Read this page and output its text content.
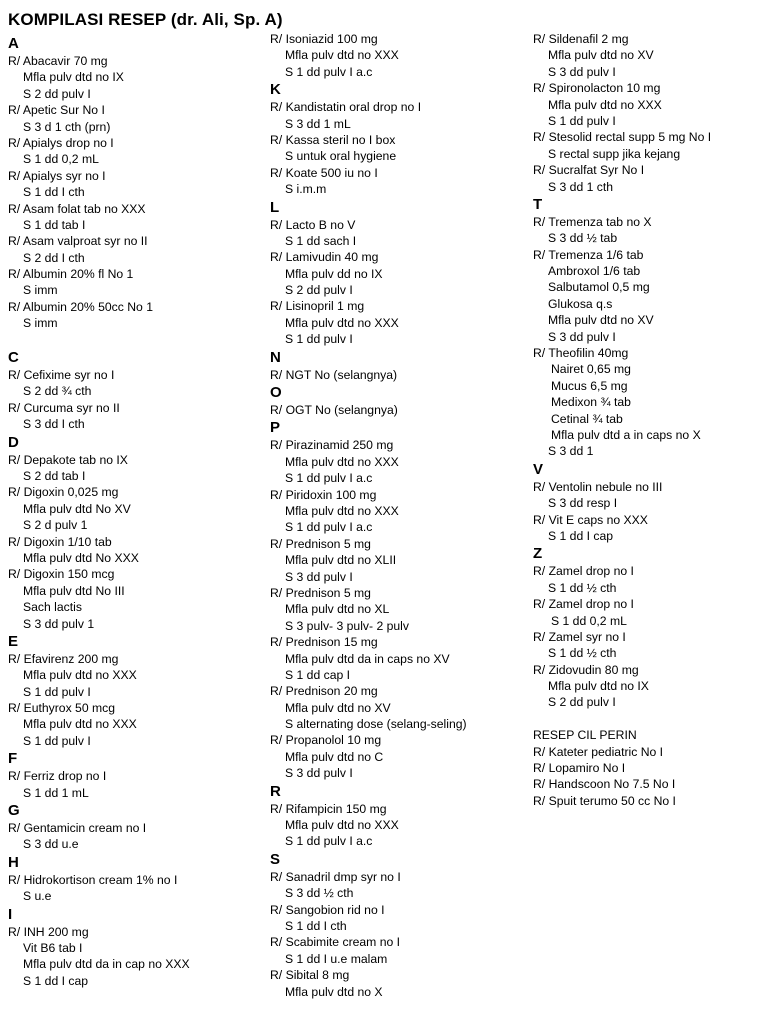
KOMPILASI RESEP (dr. Ali, Sp. A)
A
R/ Abacavir 70 mg
Mfla pulv dtd no IX
S 2 dd pulv I
R/ Apetic Sur No I
S 3 d 1 cth (prn)
R/ Apialys drop no I
S 1 dd 0,2 mL
R/ Apialys syr no I
S 1 dd I cth
R/ Asam folat tab no XXX
S 1 dd tab I
R/ Asam valproat syr no II
S 2 dd I cth
R/ Albumin 20% fl No 1
S imm
R/ Albumin 20% 50cc No 1
S imm
C
R/ Cefixime syr no I
S 2 dd ¾ cth
R/ Curcuma syr no II
S 3 dd I cth
D
R/ Depakote tab no IX
S 2 dd tab I
R/ Digoxin 0,025 mg
Mfla pulv dtd No XV
S 2 d pulv 1
R/ Digoxin 1/10 tab
Mfla pulv dtd No XXX
R/ Digoxin 150 mcg
Mfla pulv dtd No III
Sach lactis
S 3 dd pulv 1
E
R/ Efavirenz 200 mg
Mfla pulv dtd no XXX
S 1 dd pulv I
R/ Euthyrox 50 mcg
Mfla pulv dtd no XXX
S 1 dd pulv I
F
R/ Ferriz drop no I
S 1 dd 1 mL
G
R/ Gentamicin cream no I
S 3 dd u.e
H
R/ Hidrokortison cream 1% no I
S u.e
I
R/ INH 200 mg
Vit B6 tab I
Mfla pulv dtd da in cap no XXX
S 1 dd I cap
R/ Isoniazid 100 mg
Mfla pulv dtd no XXX
S 1 dd pulv I a.c
K
R/ Kandistatin oral drop no I
S 3 dd 1 mL
R/ Kassa steril no I box
S untuk oral hygiene
R/ Koate 500 iu no I
S i.m.m
L
R/ Lacto B no V
S 1 dd sach I
R/ Lamivudin 40 mg
Mfla pulv dd no IX
S 2 dd pulv I
R/ Lisinopril 1 mg
Mfla pulv dtd no XXX
S 1 dd pulv I
N
R/ NGT No (selangnya)
O
R/ OGT No (selangnya)
P
R/ Pirazinamid 250 mg
Mfla pulv dtd no XXX
S 1 dd pulv I a.c
R/ Piridoxin 100 mg
Mfla pulv dtd no XXX
S 1 dd pulv I a.c
R/ Prednison 5 mg
Mfla pulv dtd no XLII
S 3 dd pulv I
R/ Prednison 5 mg
Mfla pulv dtd no XL
S 3 pulv- 3 pulv- 2 pulv
R/ Prednison 15 mg
Mfla pulv dtd da in caps no XV
S 1 dd cap I
R/ Prednison 20 mg
Mfla pulv dtd no XV
S alternating dose (selang-seling)
R/ Propanolol 10 mg
Mfla pulv dtd no C
S 3 dd pulv I
R
R/ Rifampicin 150 mg
Mfla pulv dtd no XXX
S 1 dd pulv I a.c
S
R/ Sanadril dmp syr no I
S 3 dd ½ cth
R/ Sangobion rid no I
S 1 dd I cth
R/ Scabimite cream no I
S 1 dd I u.e malam
R/ Sibital 8 mg
Mfla pulv dtd no X
R/ Sildenafil 2 mg
Mfla pulv dtd no XV
S 3 dd pulv I
R/ Spironolacton 10 mg
Mfla pulv dtd no XXX
S 1 dd pulv I
R/ Stesolid rectal supp 5 mg No I
S rectal supp jika kejang
R/ Sucralfat Syr No I
S 3 dd 1 cth
T
R/ Tremenza tab no X
S 3 dd ½ tab
R/ Tremenza 1/6 tab
Ambroxol 1/6 tab
Salbutamol 0,5 mg
Glukosa q.s
Mfla pulv dtd no XV
S 3 dd pulv I
R/ Theofilin 40mg
Nairet 0,65 mg
Mucus 6,5 mg
Medixon ¾ tab
Cetinal ¾ tab
Mfla pulv dtd a in caps no X
S 3 dd 1
V
R/ Ventolin nebule no III
S 3 dd resp I
R/ Vit E caps no XXX
S 1 dd I cap
Z
R/ Zamel drop no I
S 1 dd ½ cth
R/ Zamel drop no I
S 1 dd 0,2 mL
R/ Zamel syr no I
S 1 dd ½ cth
R/ Zidovudin 80 mg
Mfla pulv dtd no IX
S 2 dd pulv I
RESEP CIL PERIN
R/ Kateter pediatric No I
R/ Lopamiro No I
R/ Handscoon No 7.5 No I
R/ Spuit terumo 50 cc No I
